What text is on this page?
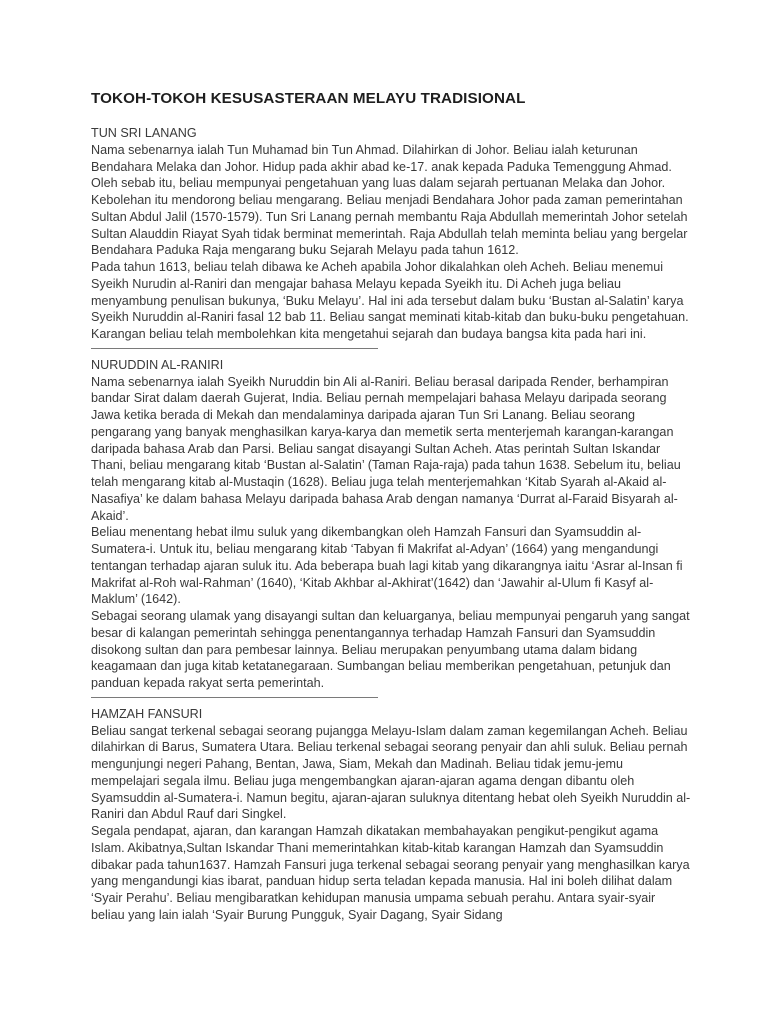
TOKOH-TOKOH KESUSASTERAAN MELAYU TRADISIONAL

TUN SRI LANANG

Nama sebenarnya ialah Tun Muhamad bin Tun Ahmad. Dilahirkan di Johor. Beliau ialah keturunan Bendahara Melaka dan Johor. Hidup pada akhir abad ke-17. anak kepada Paduka Temenggung Ahmad. Oleh sebab itu, beliau mempunyai pengetahuan yang luas dalam sejarah pertuanan Melaka dan Johor. Kebolehan itu mendorong beliau mengarang. Beliau menjadi Bendahara Johor pada zaman pemerintahan Sultan Abdul Jalil (1570-1579). Tun Sri Lanang pernah membantu Raja Abdullah memerintah Johor setelah Sultan Alauddin Riayat Syah tidak berminat memerintah. Raja Abdullah telah meminta beliau yang bergelar Bendahara Paduka Raja mengarang buku Sejarah Melayu pada tahun 1612.

Pada tahun 1613, beliau telah dibawa ke Acheh apabila Johor dikalahkan oleh Acheh. Beliau menemui Syeikh Nurudin al-Raniri dan mengajar bahasa Melayu kepada Syeikh itu. Di Acheh juga beliau menyambung penulisan bukunya, ‘Buku Melayu’. Hal ini ada tersebut dalam buku ‘Bustan al-Salatin’ karya Syeikh Nuruddin al-Raniri fasal 12 bab 11. Beliau sangat meminati kitab-kitab dan buku-buku pengetahuan. Karangan beliau telah membolehkan kita mengetahui sejarah dan budaya bangsa kita pada hari ini.

NURUDDIN AL-RANIRI

Nama sebenarnya ialah Syeikh Nuruddin bin Ali al-Raniri. Beliau berasal daripada Render, berhampiran bandar Sirat dalam daerah Gujerat, India. Beliau pernah mempelajari bahasa Melayu daripada seorang Jawa ketika berada di Mekah dan mendalaminya daripada ajaran Tun Sri Lanang. Beliau seorang pengarang yang banyak menghasilkan karya-karya dan memetik serta menterjemah karangan-karangan daripada bahasa Arab dan Parsi. Beliau sangat disayangi Sultan Acheh. Atas perintah Sultan Iskandar Thani, beliau mengarang kitab ‘Bustan al-Salatin’ (Taman Raja-raja) pada tahun 1638. Sebelum itu, beliau telah mengarang kitab al-Mustaqin (1628). Beliau juga telah menterjemahkan ‘Kitab Syarah al-Akaid al-Nasafiya’ ke dalam bahasa Melayu daripada bahasa Arab dengan namanya ‘Durrat al-Faraid Bisyarah al-Akaid’.

Beliau menentang hebat ilmu suluk yang dikembangkan oleh Hamzah Fansuri dan Syamsuddin al-Sumatera-i. Untuk itu, beliau mengarang kitab ‘Tabyan fi Makrifat al-Adyan’ (1664) yang mengandungi tentangan terhadap ajaran suluk itu. Ada beberapa buah lagi kitab yang dikarangnya iaitu ‘Asrar al-Insan fi Makrifat al-Roh wal-Rahman’ (1640), ‘Kitab Akhbar al-Akhirat’(1642) dan ‘Jawahir al-Ulum fi Kasyf al-Maklum’ (1642).

Sebagai seorang ulamak yang disayangi sultan dan keluarganya, beliau mempunyai pengaruh yang sangat besar di kalangan pemerintah sehingga penentangannya terhadap Hamzah Fansuri dan Syamsuddin disokong sultan dan para pembesar lainnya. Beliau merupakan penyumbang utama dalam bidang keagamaan dan juga kitab ketatanegaraan. Sumbangan beliau memberikan pengetahuan, petunjuk dan panduan kepada rakyat serta pemerintah.

HAMZAH FANSURI

Beliau sangat terkenal sebagai seorang pujangga Melayu-Islam dalam zaman kegemilangan Acheh. Beliau dilahirkan di Barus, Sumatera Utara. Beliau terkenal sebagai seorang penyair dan ahli suluk. Beliau pernah mengunjungi negeri Pahang, Bentan, Jawa, Siam, Mekah dan Madinah. Beliau tidak jemu-jemu mempelajari segala ilmu. Beliau juga mengembangkan ajaran-ajaran agama dengan dibantu oleh Syamsuddin al-Sumatera-i. Namun begitu, ajaran-ajaran suluknya ditentang hebat oleh Syeikh Nuruddin al-Raniri dan Abdul Rauf dari Singkel.

Segala pendapat, ajaran, dan karangan Hamzah dikatakan membahayakan pengikut-pengikut agama Islam. Akibatnya,Sultan Iskandar Thani memerintahkan kitab-kitab karangan Hamzah dan Syamsuddin dibakar pada tahun1637. Hamzah Fansuri juga terkenal sebagai seorang penyair yang menghasilkan karya yang mengandungi kias ibarat, panduan hidup serta teladan kepada manusia. Hal ini boleh dilihat dalam ‘Syair Perahu’. Beliau mengibaratkan kehidupan manusia umpama sebuah perahu. Antara syair-syair beliau yang lain ialah ‘Syair Burung Pungguk, Syair Dagang, Syair Sidang
